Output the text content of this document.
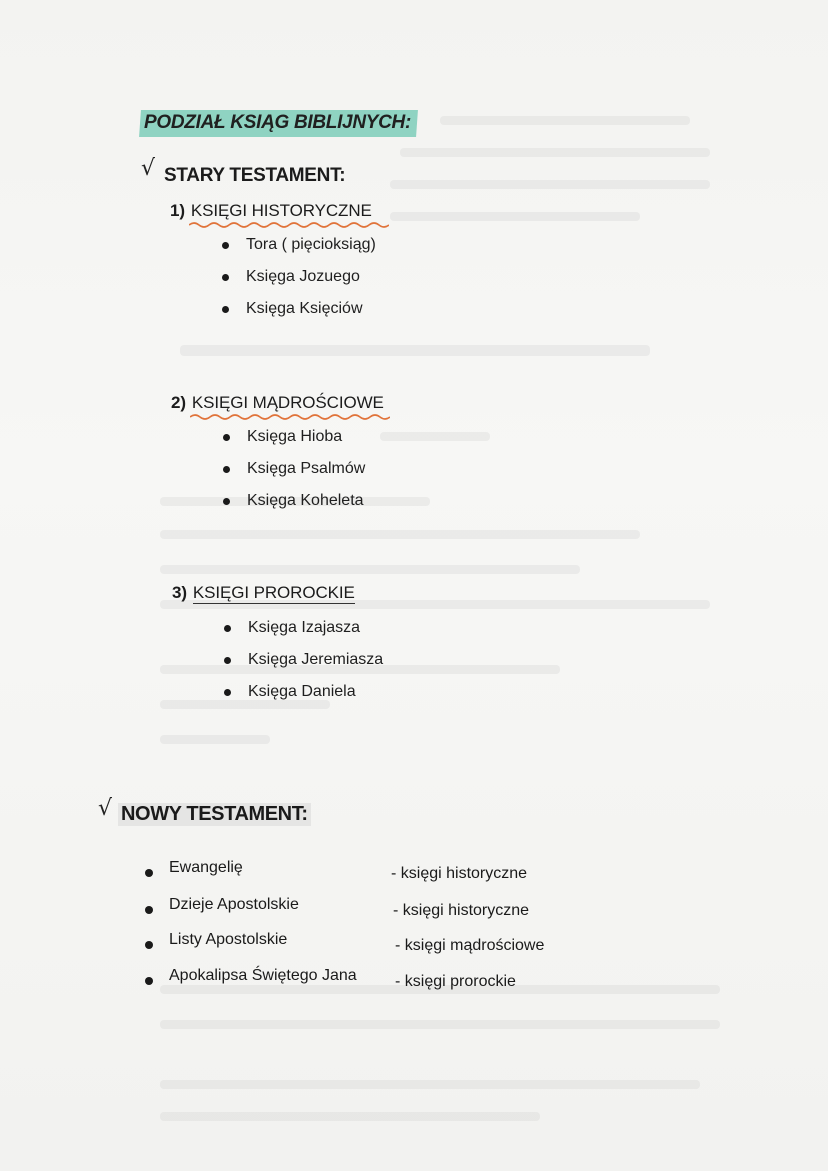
PODZIAŁ KSIĄG BIBLIJNYCH:
√ STARY TESTAMENT:
1) KSIĘGI HISTORYCZNE
Tora ( pięcioksiąg)
Księga Jozuego
Księga Księciów
2) KSIĘGI MĄDROŚCIOWE
Księga Hioba
Księga Psalmów
Księga Koheleta
3) KSIĘGI PROROCKIE
Księga Izajasza
Księga Jeremiasza
Księga Daniela
√ NOWY TESTAMENT:
Ewangelię	- księgi historyczne
Dzieje Apostolskie	- księgi historyczne
Listy Apostolskie	- księgi mądrościowe
Apokalipsa Świętego Jana - księgi prorockie
